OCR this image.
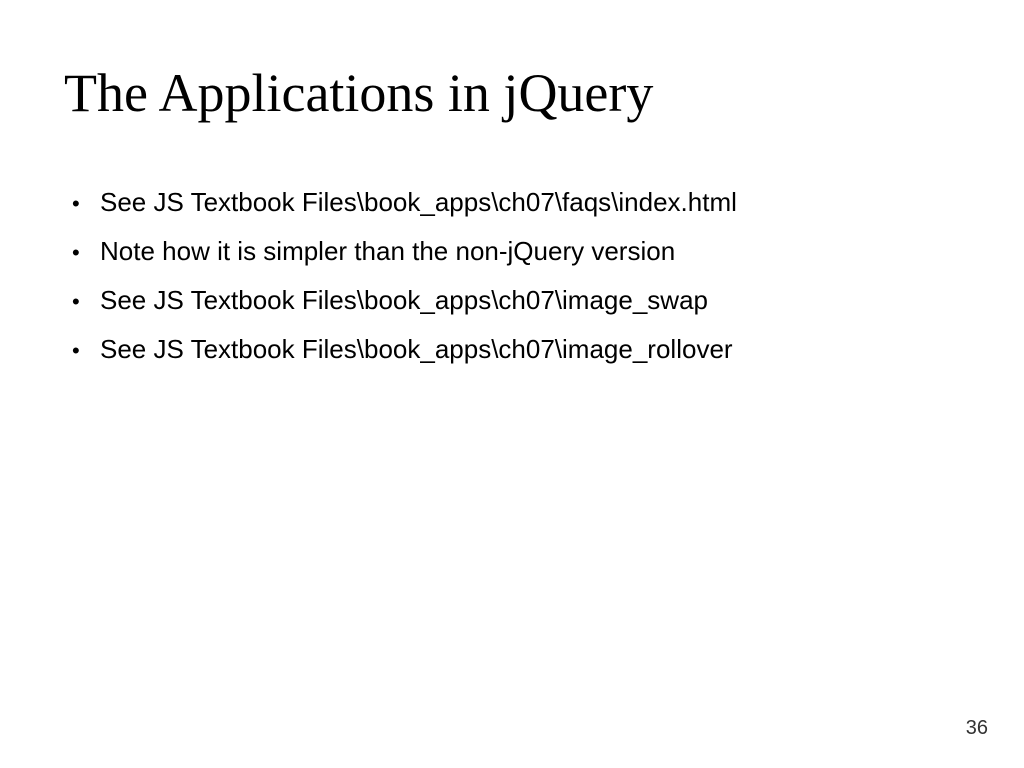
The Applications in jQuery
• See JS Textbook Files\book_apps\ch07\faqs\index.html
• Note how it is simpler than the non-jQuery version
• See JS Textbook Files\book_apps\ch07\image_swap
• See JS Textbook Files\book_apps\ch07\image_rollover
36
